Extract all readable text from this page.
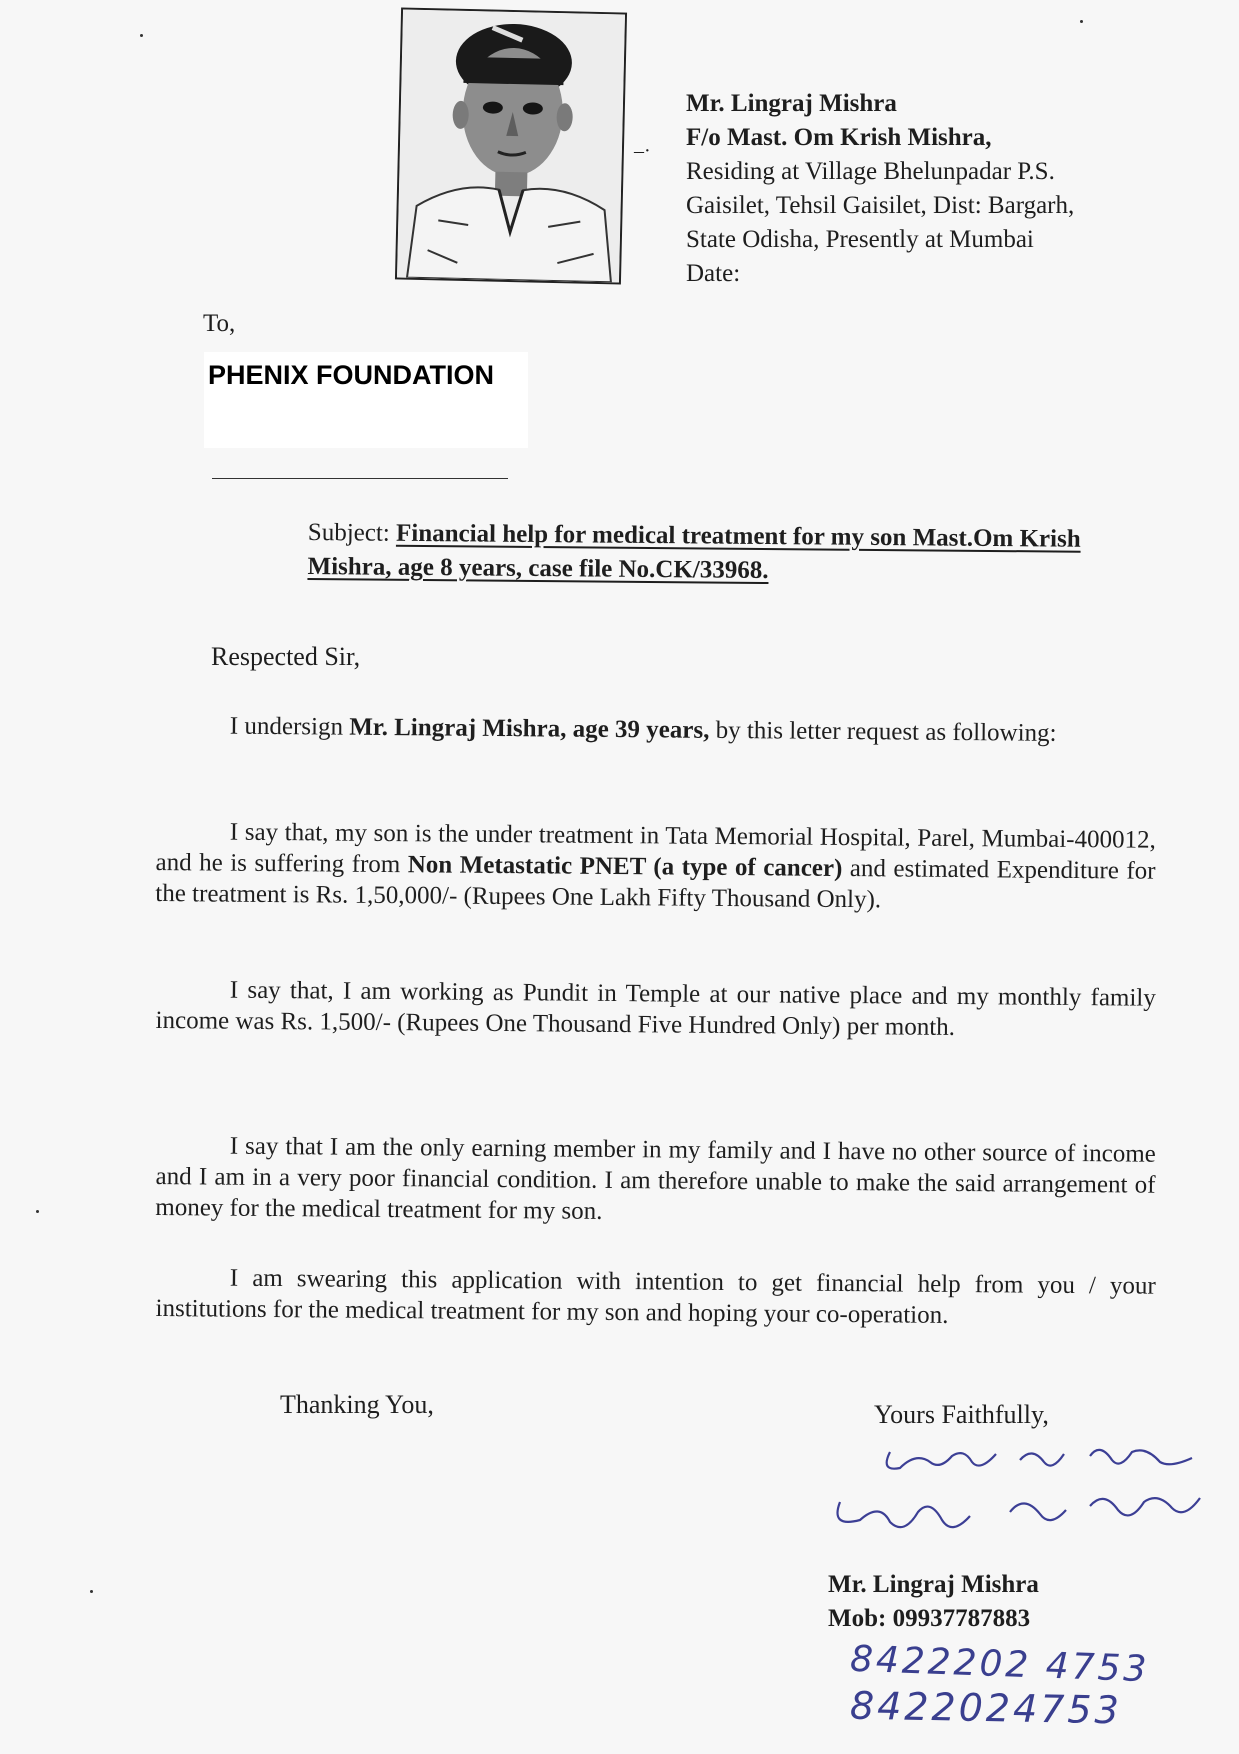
–·
Mr. Lingraj Mishra
F/o Mast. Om Krish Mishra,
Residing at Village Bhelunpadar P.S.
Gaisilet, Tehsil Gaisilet, Dist: Bargarh,
State Odisha, Presently at Mumbai
Date:
To,
PHENIX FOUNDATION
Subject: Financial help for medical treatment for my son Mast.Om Krish Mishra, age 8 years, case file No.CK/33968.
Respected Sir,
I undersign Mr. Lingraj Mishra, age 39 years, by this letter request as following:
I say that, my son is the under treatment in Tata Memorial Hospital, Parel, Mumbai-400012, and he is suffering from Non Metastatic PNET (a type of cancer) and estimated Expenditure for the treatment is Rs. 1,50,000/- (Rupees One Lakh Fifty Thousand Only).
I say that, I am working as Pundit in Temple at our native place and my monthly family income was Rs. 1,500/- (Rupees One Thousand Five Hundred Only) per month.
I say that I am the only earning member in my family and I have no other source of income and I am in a very poor financial condition. I am therefore unable to make the said arrangement of money for the medical treatment for my son.
I am swearing this application with intention to get financial help from you / your institutions for the medical treatment for my son and hoping your co-operation.
Thanking You,	Yours Faithfully,
Mr. Lingraj Mishra
Mob: 09937787883
8422202 4753
8422024753
